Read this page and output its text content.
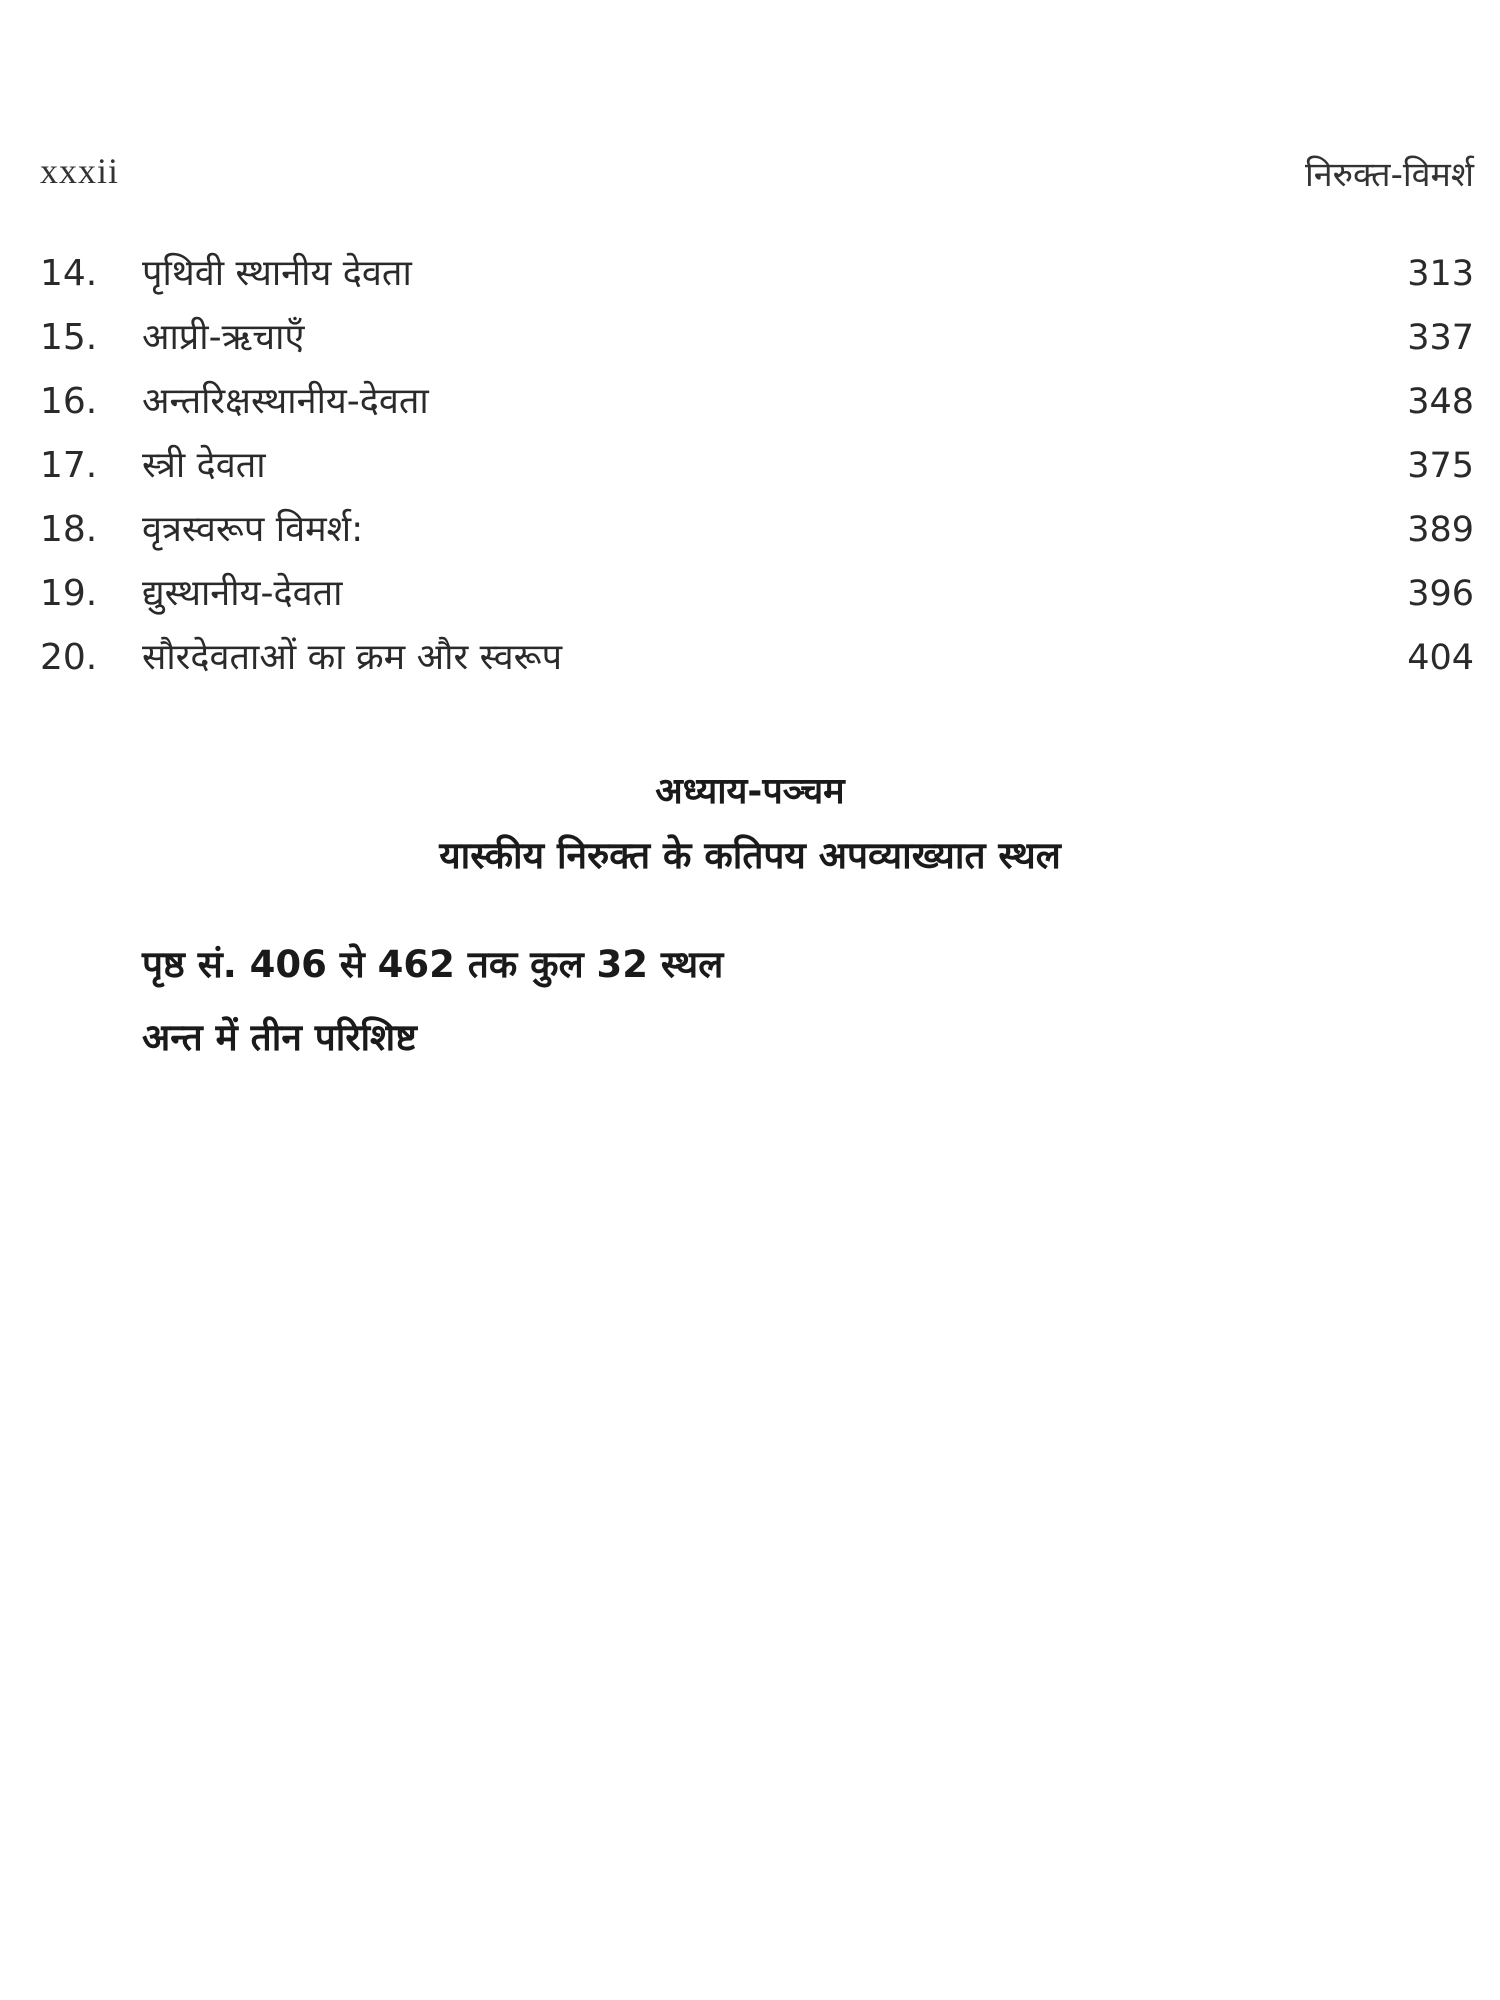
xxxii	निरुक्त-विमर्श
14.	पृथिवी स्थानीय देवता	313
15.	आप्री-ऋचाएँ	337
16.	अन्तरिक्षस्थानीय-देवता	348
17.	स्त्री देवता	375
18.	वृत्रस्वरूप विमर्श:	389
19.	द्युस्थानीय-देवता	396
20.	सौरदेवताओं का क्रम और स्वरूप	404
अध्याय-पञ्चम
यास्कीय निरुक्त के कतिपय अपव्याख्यात स्थल
पृष्ठ सं. 406 से 462 तक कुल 32 स्थल
अन्त में तीन परिशिष्ट
